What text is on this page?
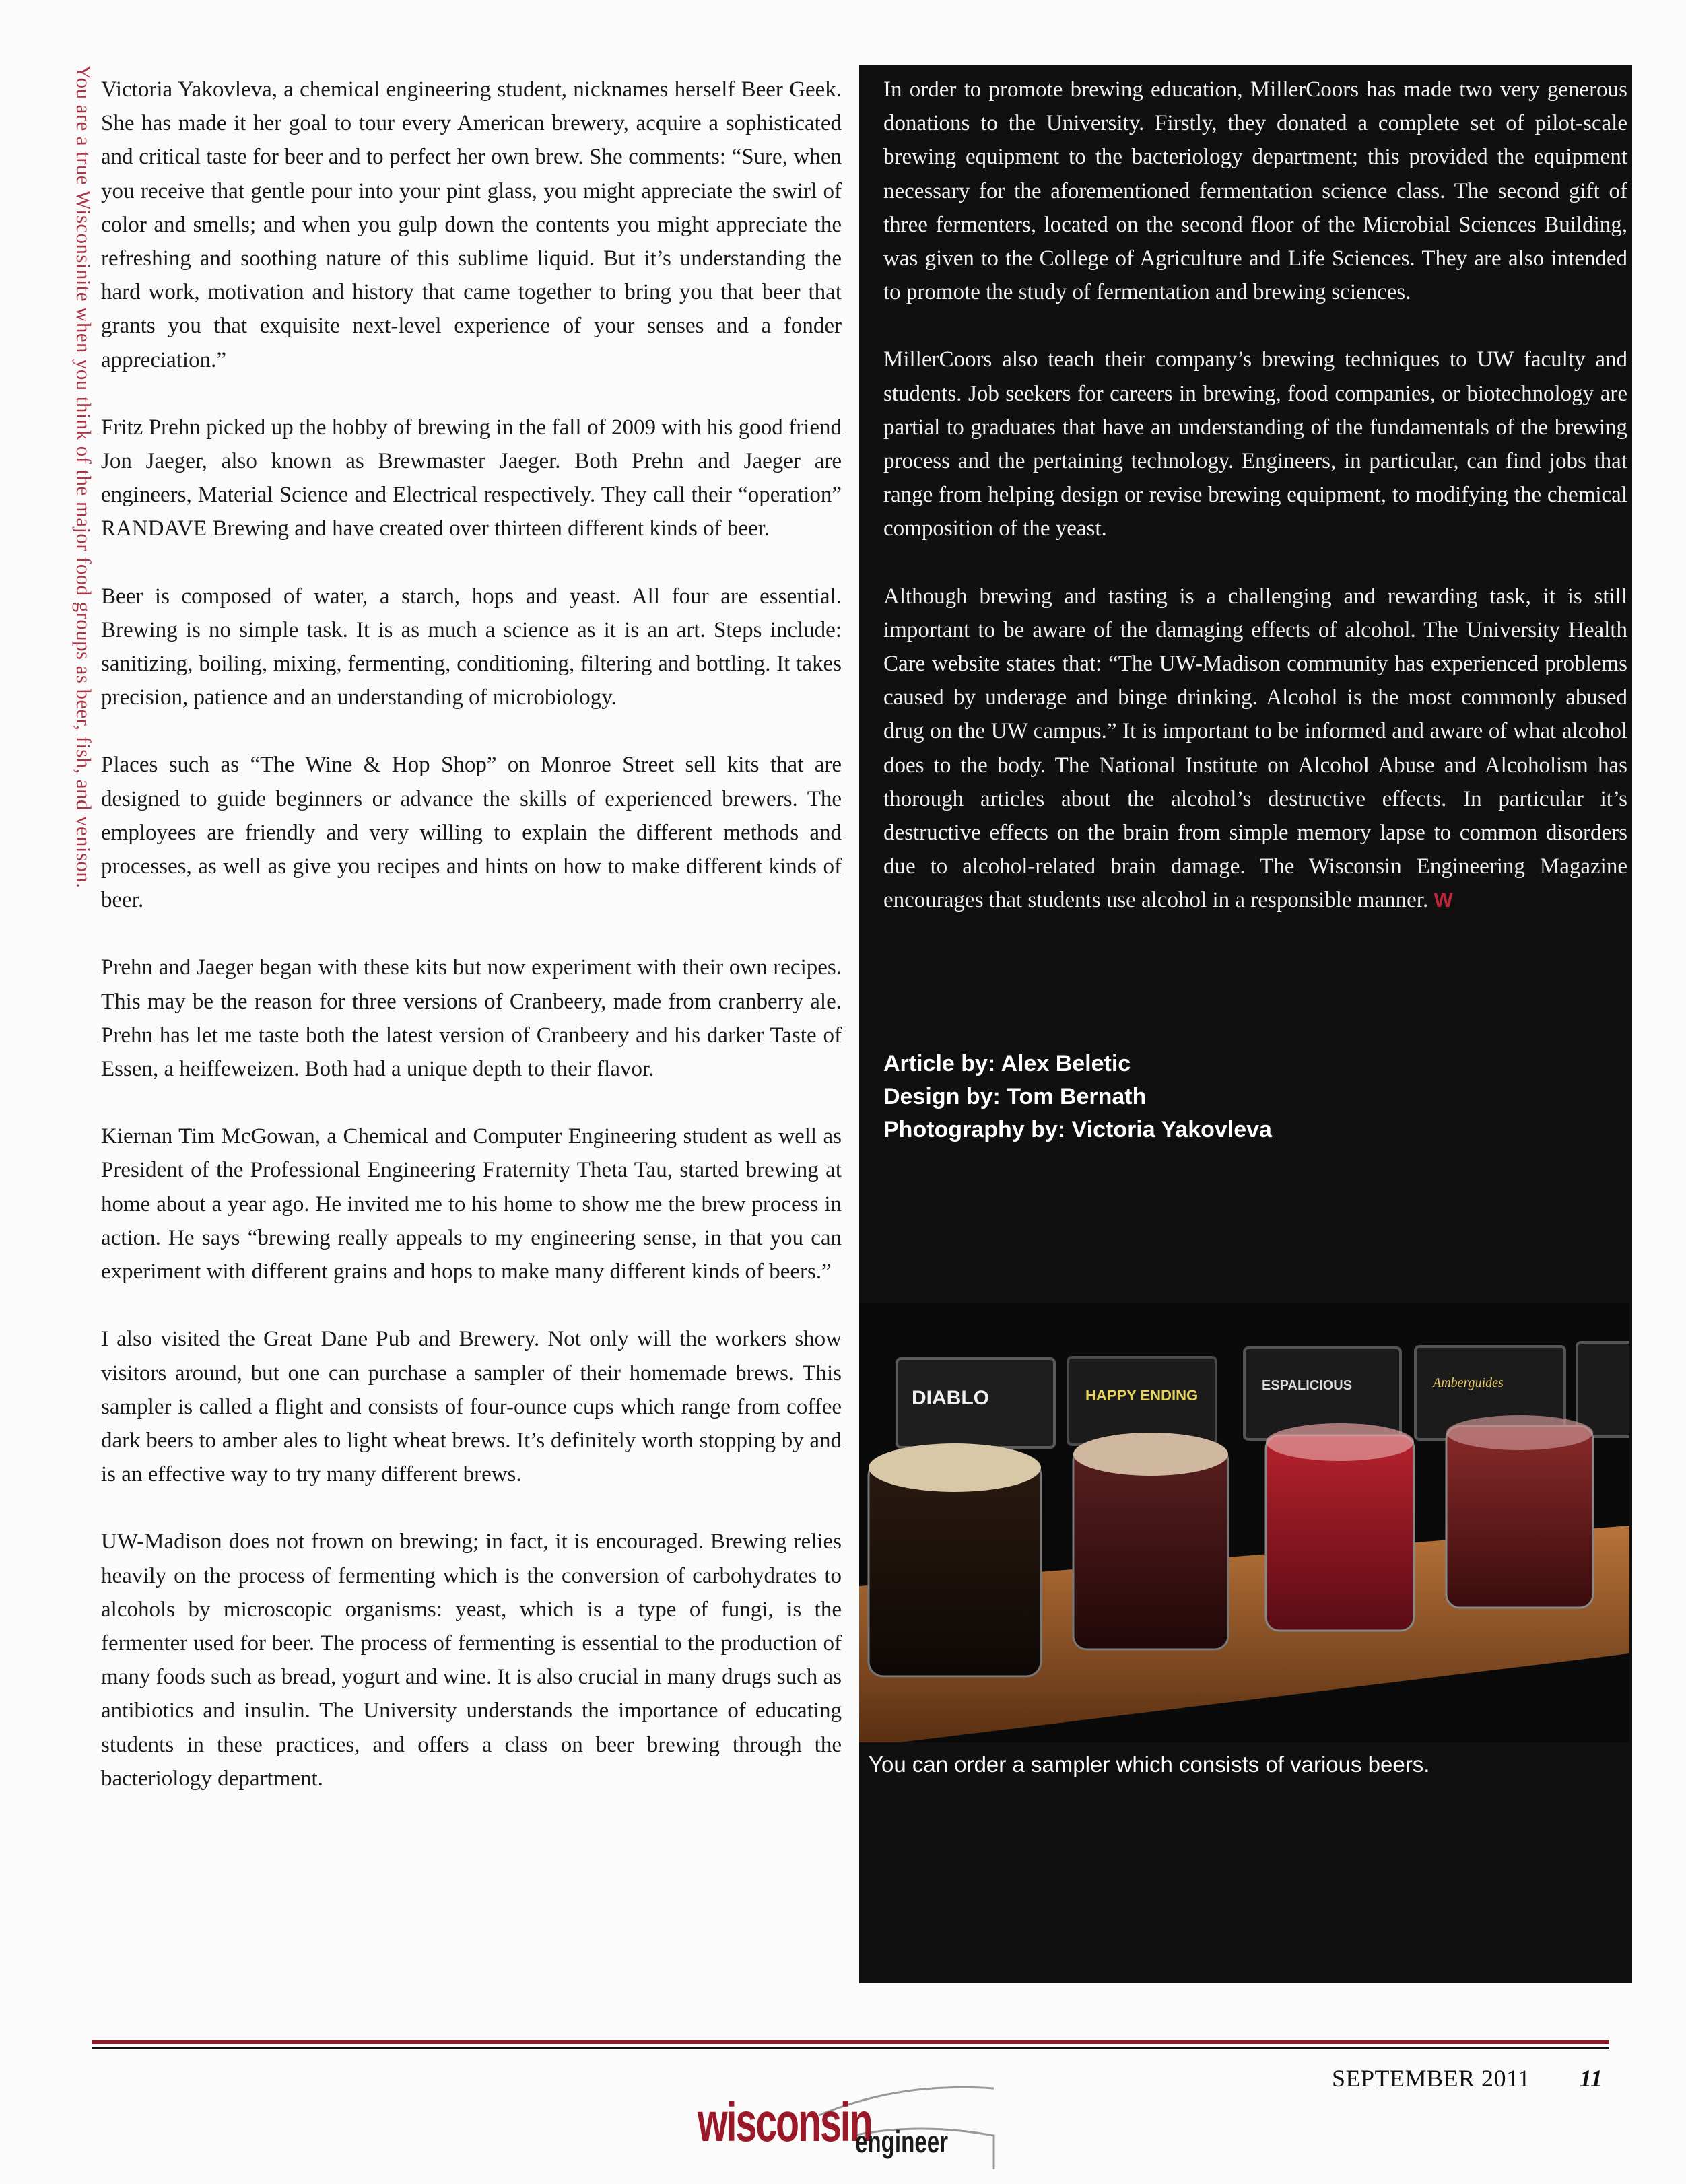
You are a true Wisconsinite when you think of the major food groups as beer, fish, and venison. Victoria Yakovleva, a chemical engineering student, nicknames herself Beer Geek. She has made it her goal to tour every American brewery, acquire a sophisticated and critical taste for beer and to perfect her own brew. She comments: “Sure, when you receive that gentle pour into your pint glass, you might appreciate the swirl of color and smells; and when you gulp down the contents you might appreciate the refreshing and soothing nature of this sublime liquid. But it’s understanding the hard work, motivation and history that came together to bring you that beer that grants you that exquisite next-level experience of your senses and a fonder appreciation.”

Fritz Prehn picked up the hobby of brewing in the fall of 2009 with his good friend Jon Jaeger, also known as Brewmaster Jaeger. Both Prehn and Jaeger are engineers, Material Science and Electrical respectively. They call their “operation” RANDAVE Brewing and have created over thirteen different kinds of beer.

Beer is composed of water, a starch, hops and yeast. All four are essential. Brewing is no simple task. It is as much a science as it is an art. Steps include: sanitizing, boiling, mixing, fermenting, conditioning, filtering and bottling. It takes precision, patience and an understanding of microbiology.

Places such as “The Wine & Hop Shop” on Monroe Street sell kits that are designed to guide beginners or advance the skills of experienced brewers. The employees are friendly and very willing to explain the different methods and processes, as well as give you recipes and hints on how to make different kinds of beer.

Prehn and Jaeger began with these kits but now experiment with their own recipes. This may be the reason for three versions of Cranbeery, made from cranberry ale. Prehn has let me taste both the latest version of Cranbeery and his darker Taste of Essen, a heiffeweizen. Both had a unique depth to their flavor.

Kiernan Tim McGowan, a Chemical and Computer Engineering student as well as President of the Professional Engineering Fraternity Theta Tau, started brewing at home about a year ago. He invited me to his home to show me the brew process in action. He says “brewing really appeals to my engineering sense, in that you can experiment with different grains and hops to make many different kinds of beers.”

I also visited the Great Dane Pub and Brewery. Not only will the workers show visitors around, but one can purchase a sampler of their homemade brews. This sampler is called a flight and consists of four-ounce cups which range from coffee dark beers to amber ales to light wheat brews. It’s definitely worth stopping by and is an effective way to try many different brews.

UW-Madison does not frown on brewing; in fact, it is encouraged. Brewing relies heavily on the process of fermenting which is the conversion of carbohydrates to alcohols by microscopic organisms: yeast, which is a type of fungi, is the fermenter used for beer. The process of fermenting is essential to the production of many foods such as bread, yogurt and wine. It is also crucial in many drugs such as antibiotics and insulin. The University understands the importance of educating students in these practices, and offers a class on beer brewing through the bacteriology department.

In order to promote brewing education, MillerCoors has made two very generous donations to the University. Firstly, they donated a complete set of pilot-scale brewing equipment to the bacteriology department; this provided the equipment necessary for the aforementioned fermentation science class. The second gift of three fermenters, located on the second floor of the Microbial Sciences Building, was given to the College of Agriculture and Life Sciences. They are also intended to promote the study of fermentation and brewing sciences.

MillerCoors also teach their company’s brewing techniques to UW faculty and students. Job seekers for careers in brewing, food companies, or biotechnology are partial to graduates that have an understanding of the fundamentals of the brewing process and the pertaining technology. Engineers, in particular, can find jobs that range from helping design or revise brewing equipment, to modifying the chemical composition of the yeast.

Although brewing and tasting is a challenging and rewarding task, it is still important to be aware of the damaging effects of alcohol. The University Health Care website states that: “The UW-Madison community has experienced problems caused by underage and binge drinking. Alcohol is the most commonly abused drug on the UW campus.” It is important to be informed and aware of what alcohol does to the body. The National Institute on Alcohol Abuse and Alcoholism has thorough articles about the alcohol’s destructive effects. In particular it’s destructive effects on the brain from simple memory lapse to common disorders due to alcohol-related brain damage. The Wisconsin Engineering Magazine encourages that students use alcohol in a responsible manner. W

Article by: Alex Beletic
Design by: Tom Bernath
Photography by: Victoria Yakovleva
DIABLO	HAPPY ENDING
ESPALICIOUS	Amberguides
You can order a sampler which consists of various beers.
wisconsin
engineer
SEPTEMBER 2011 11
